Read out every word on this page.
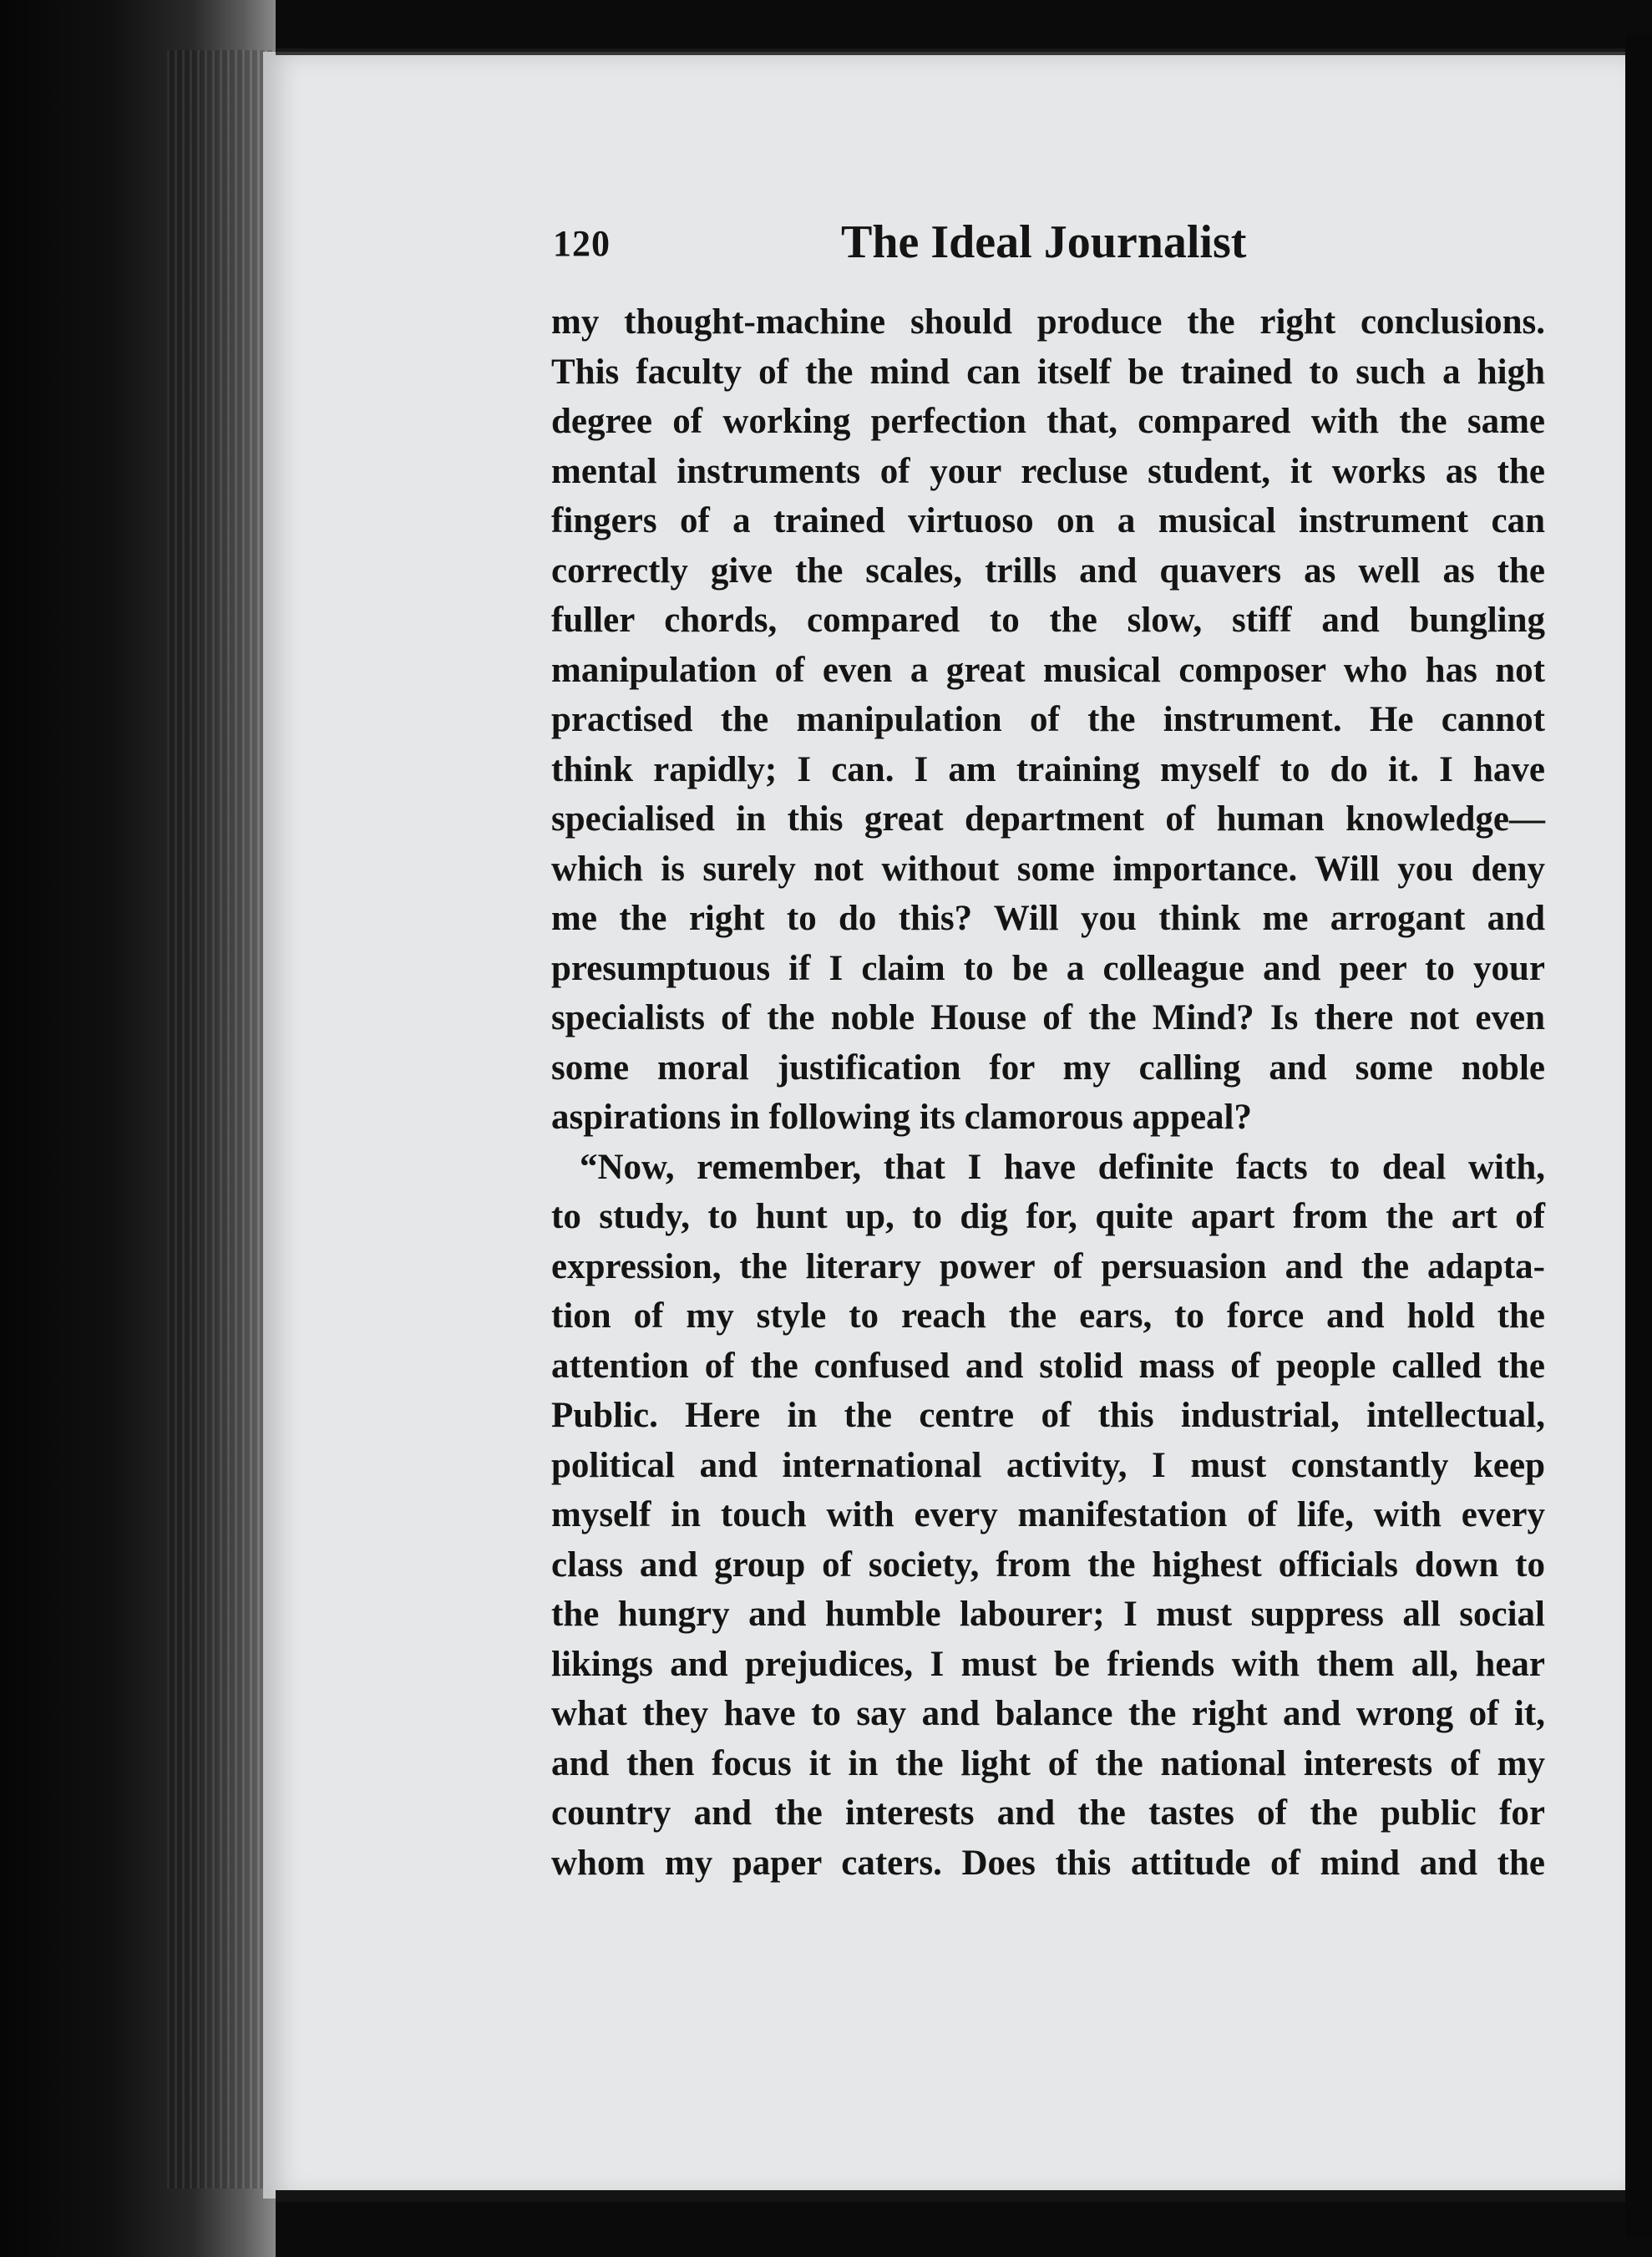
120	The Ideal Journalist

my thought-machine should produce the right conclusions.
This faculty of the mind can itself be trained to such a high
degree of working perfection that, compared with the same
mental instruments of your recluse student, it works as the
fingers of a trained virtuoso on a musical instrument can
correctly give the scales, trills and quavers as well as the
fuller chords, compared to the slow, stiff and bungling
manipulation of even a great musical composer who has not
practised the manipulation of the instrument. He cannot
think rapidly; I can. I am training myself to do it. I have
specialised in this great department of human knowledge—
which is surely not without some importance. Will you deny
me the right to do this? Will you think me arrogant and
presumptuous if I claim to be a colleague and peer to your
specialists of the noble House of the Mind? Is there not even
some moral justification for my calling and some noble
aspirations in following its clamorous appeal?

“Now, remember, that I have definite facts to deal with,
to study, to hunt up, to dig for, quite apart from the art of
expression, the literary power of persuasion and the adapta-
tion of my style to reach the ears, to force and hold the
attention of the confused and stolid mass of people called the
Public. Here in the centre of this industrial, intellectual,
political and international activity, I must constantly keep
myself in touch with every manifestation of life, with every
class and group of society, from the highest officials down to
the hungry and humble labourer; I must suppress all social
likings and prejudices, I must be friends with them all, hear
what they have to say and balance the right and wrong of it,
and then focus it in the light of the national interests of my
country and the interests and the tastes of the public for
whom my paper caters. Does this attitude of mind and the
